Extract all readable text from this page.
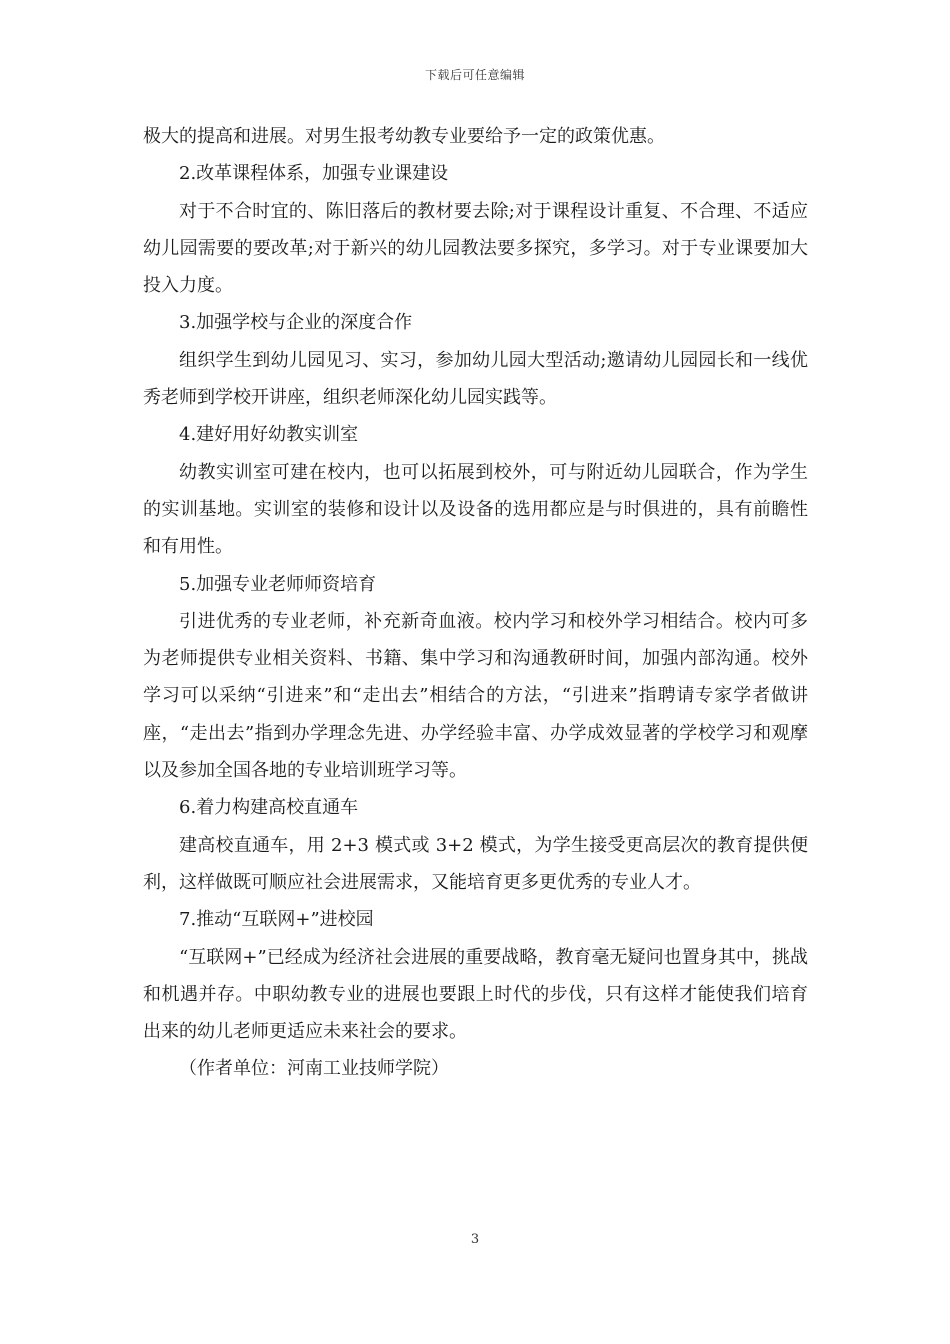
下载后可任意编辑

极大的提高和进展。对男生报考幼教专业要给予一定的政策优惠。

2.改革课程体系，加强专业课建设

对于不合时宜的、陈旧落后的教材要去除;对于课程设计重复、不合理、不适应幼儿园需要的要改革;对于新兴的幼儿园教法要多探究，多学习。对于专业课要加大投入力度。

3.加强学校与企业的深度合作

组织学生到幼儿园见习、实习，参加幼儿园大型活动;邀请幼儿园园长和一线优秀老师到学校开讲座，组织老师深化幼儿园实践等。

4.建好用好幼教实训室

幼教实训室可建在校内，也可以拓展到校外，可与附近幼儿园联合，作为学生的实训基地。实训室的装修和设计以及设备的选用都应是与时俱进的，具有前瞻性和有用性。

5.加强专业老师师资培育

引进优秀的专业老师，补充新奇血液。校内学习和校外学习相结合。校内可多为老师提供专业相关资料、书籍、集中学习和沟通教研时间，加强内部沟通。校外学习可以采纳“引进来”和“走出去”相结合的方法，“引进来”指聘请专家学者做讲座，“走出去”指到办学理念先进、办学经验丰富、办学成效显著的学校学习和观摩以及参加全国各地的专业培训班学习等。

6.着力构建高校直通车

建高校直通车，用 2+3 模式或 3+2 模式，为学生接受更高层次的教育提供便利，这样做既可顺应社会进展需求，又能培育更多更优秀的专业人才。

7.推动“互联网+”进校园

“互联网+”已经成为经济社会进展的重要战略，教育毫无疑问也置身其中，挑战和机遇并存。中职幼教专业的进展也要跟上时代的步伐，只有这样才能使我们培育出来的幼儿老师更适应未来社会的要求。

（作者单位：河南工业技师学院）

3
